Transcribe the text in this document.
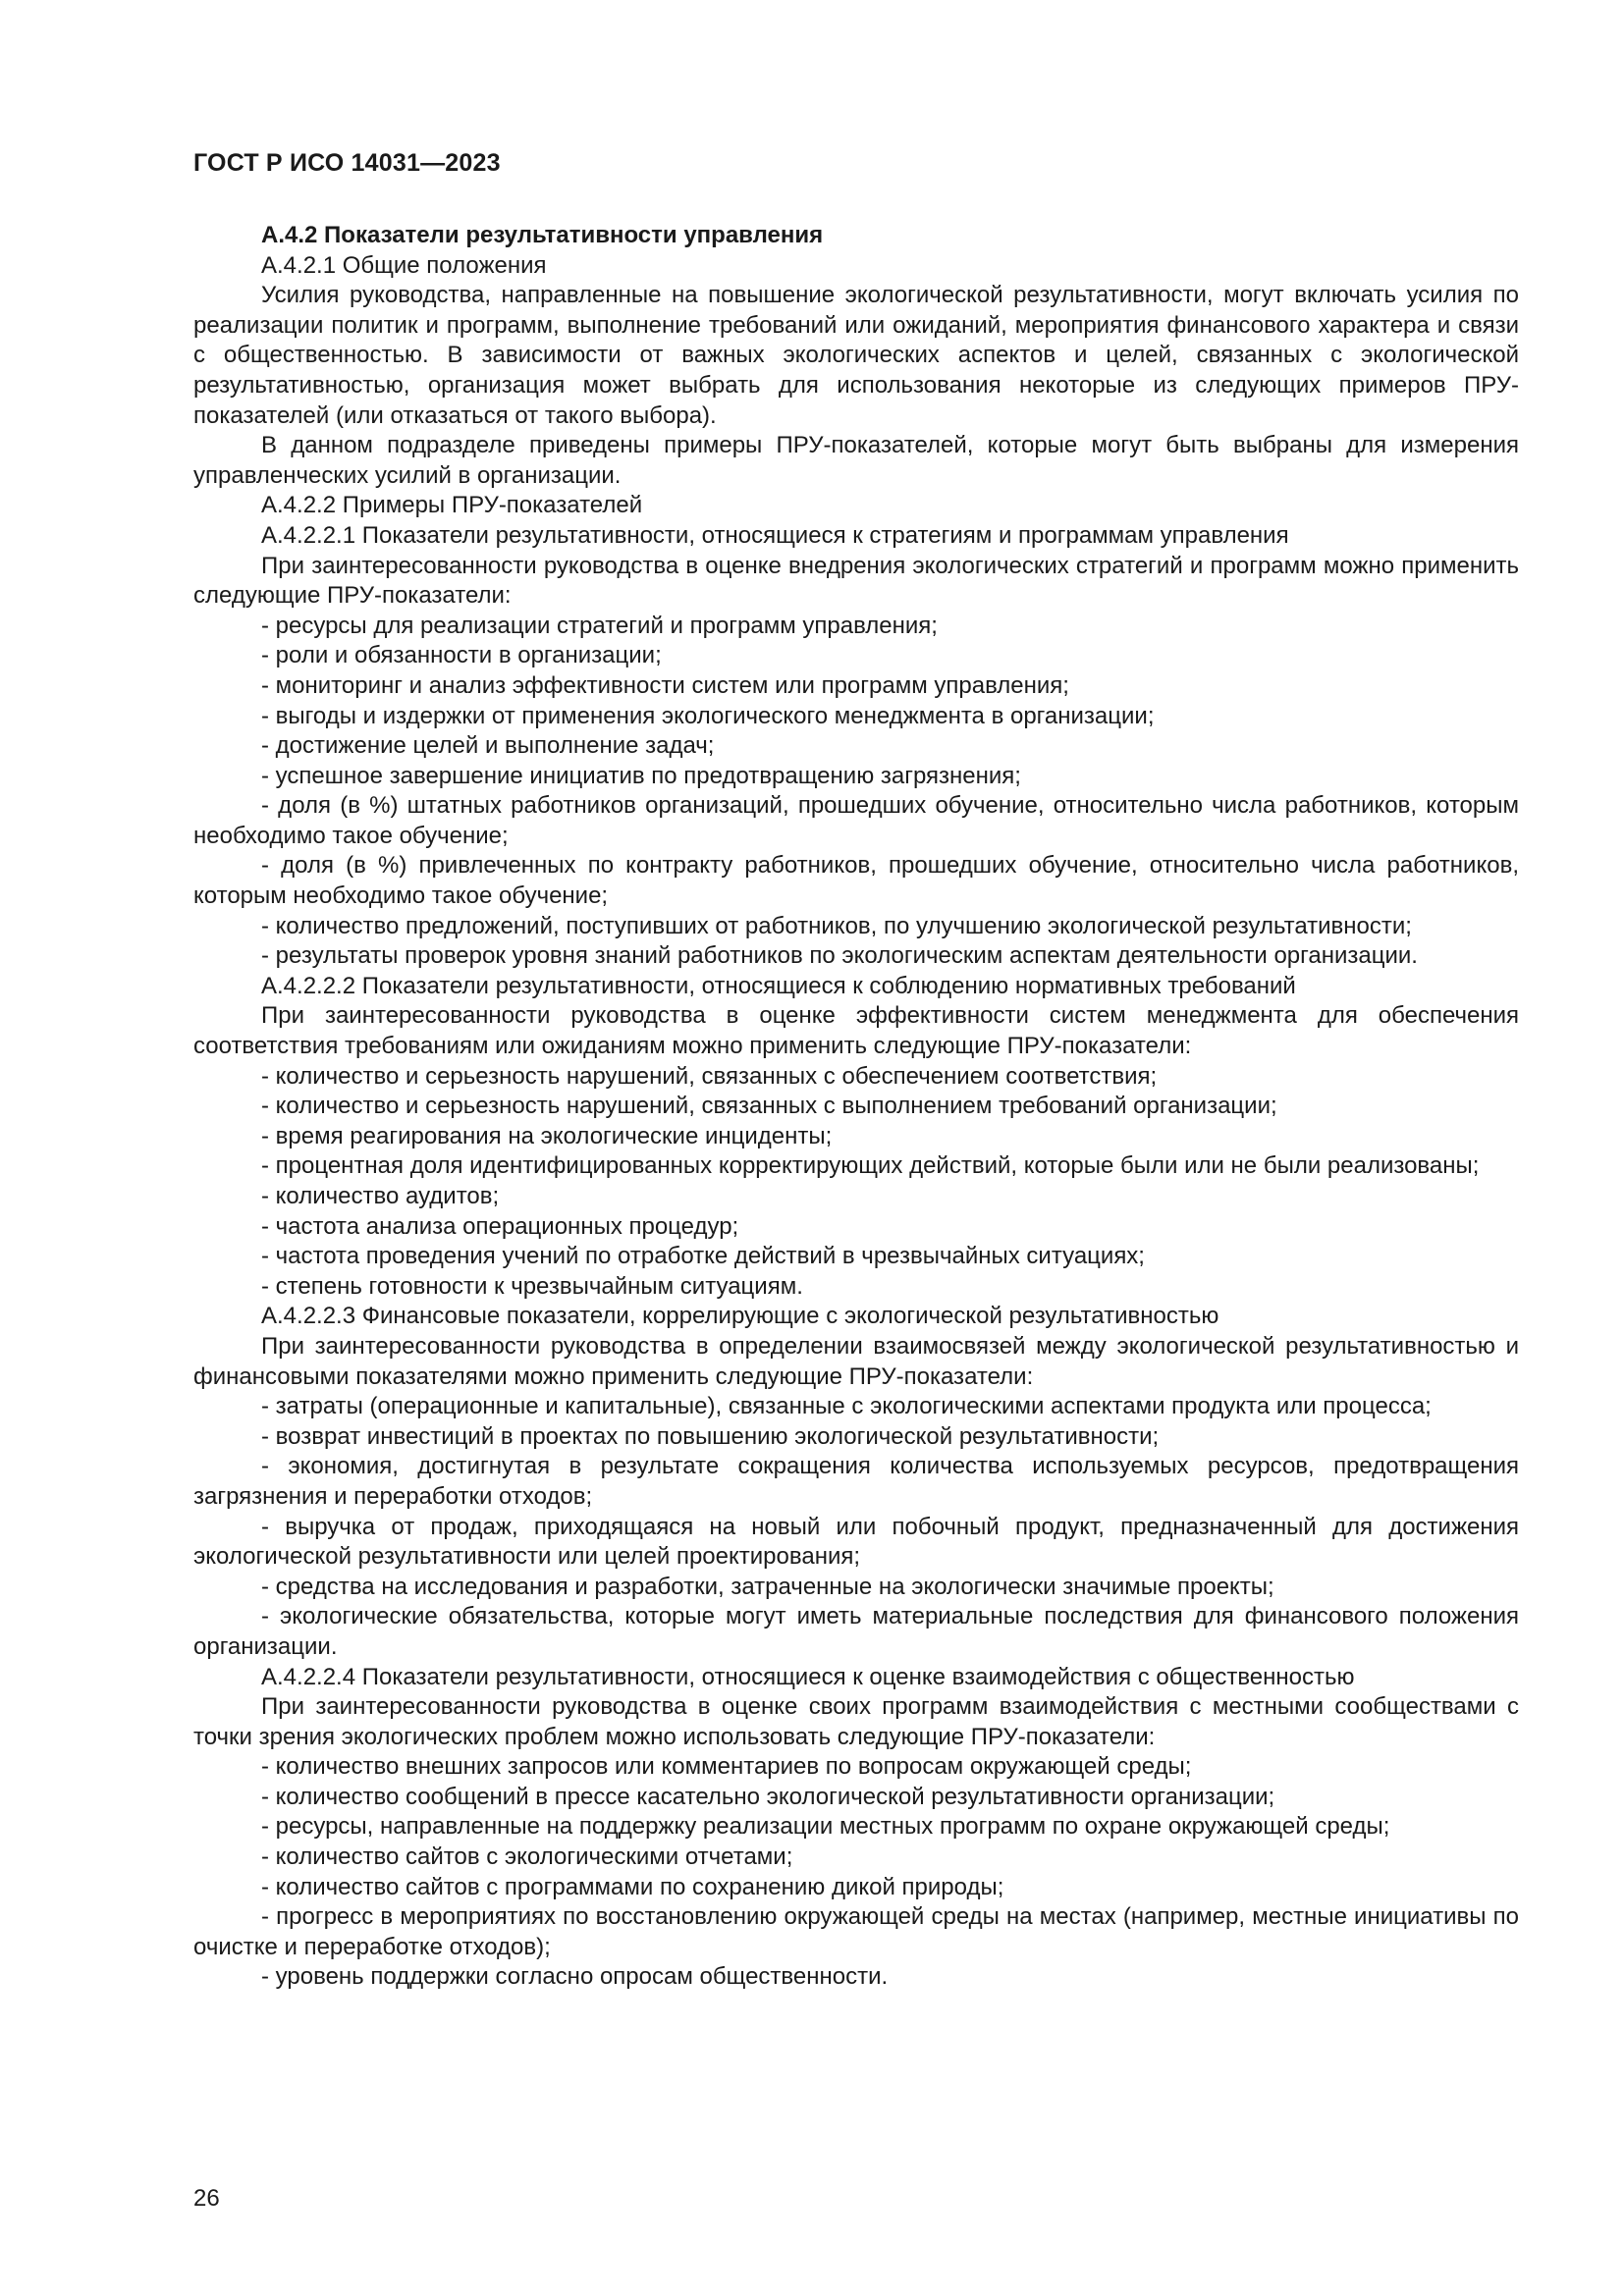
ГОСТ Р ИСО 14031—2023

А.4.2 Показатели результативности управления

А.4.2.1 Общие положения

Усилия руководства, направленные на повышение экологической результативности, могут включать усилия по реализации политик и программ, выполнение требований или ожиданий, мероприятия финансового характера и связи с общественностью. В зависимости от важных экологических аспектов и целей, связанных с экологической результативностью, организация может выбрать для использования некоторые из следующих примеров ПРУ-показателей (или отказаться от такого выбора).

В данном подразделе приведены примеры ПРУ-показателей, которые могут быть выбраны для измерения управленческих усилий в организации.

А.4.2.2 Примеры ПРУ-показателей

А.4.2.2.1 Показатели результативности, относящиеся к стратегиям и программам управления

При заинтересованности руководства в оценке внедрения экологических стратегий и программ можно применить следующие ПРУ-показатели:

- ресурсы для реализации стратегий и программ управления;

- роли и обязанности в организации;

- мониторинг и анализ эффективности систем или программ управления;

- выгоды и издержки от применения экологического менеджмента в организации;

- достижение целей и выполнение задач;

- успешное завершение инициатив по предотвращению загрязнения;

- доля (в %) штатных работников организаций, прошедших обучение, относительно числа работников, которым необходимо такое обучение;

- доля (в %) привлеченных по контракту работников, прошедших обучение, относительно числа работников, которым необходимо такое обучение;

- количество предложений, поступивших от работников, по улучшению экологической результативности;

- результаты проверок уровня знаний работников по экологическим аспектам деятельности организации.

А.4.2.2.2 Показатели результативности, относящиеся к соблюдению нормативных требований

При заинтересованности руководства в оценке эффективности систем менеджмента для обеспечения соответствия требованиям или ожиданиям можно применить следующие ПРУ-показатели:

- количество и серьезность нарушений, связанных с обеспечением соответствия;

- количество и серьезность нарушений, связанных с выполнением требований организации;

- время реагирования на экологические инциденты;

- процентная доля идентифицированных корректирующих действий, которые были или не были реализованы;

- количество аудитов;

- частота анализа операционных процедур;

- частота проведения учений по отработке действий в чрезвычайных ситуациях;

- степень готовности к чрезвычайным ситуациям.

А.4.2.2.3 Финансовые показатели, коррелирующие с экологической результативностью

При заинтересованности руководства в определении взаимосвязей между экологической результативностью и финансовыми показателями можно применить следующие ПРУ-показатели:

- затраты (операционные и капитальные), связанные с экологическими аспектами продукта или процесса;

- возврат инвестиций в проектах по повышению экологической результативности;

- экономия, достигнутая в результате сокращения количества используемых ресурсов, предотвращения загрязнения и переработки отходов;

- выручка от продаж, приходящаяся на новый или побочный продукт, предназначенный для достижения экологической результативности или целей проектирования;

- средства на исследования и разработки, затраченные на экологически значимые проекты;

- экологические обязательства, которые могут иметь материальные последствия для финансового положения организации.

А.4.2.2.4 Показатели результативности, относящиеся к оценке взаимодействия с общественностью

При заинтересованности руководства в оценке своих программ взаимодействия с местными сообществами с точки зрения экологических проблем можно использовать следующие ПРУ-показатели:

- количество внешних запросов или комментариев по вопросам окружающей среды;

- количество сообщений в прессе касательно экологической результативности организации;

- ресурсы, направленные на поддержку реализации местных программ по охране окружающей среды;

- количество сайтов с экологическими отчетами;

- количество сайтов с программами по сохранению дикой природы;

- прогресс в мероприятиях по восстановлению окружающей среды на местах (например, местные инициативы по очистке и переработке отходов);

- уровень поддержки согласно опросам общественности.

26
